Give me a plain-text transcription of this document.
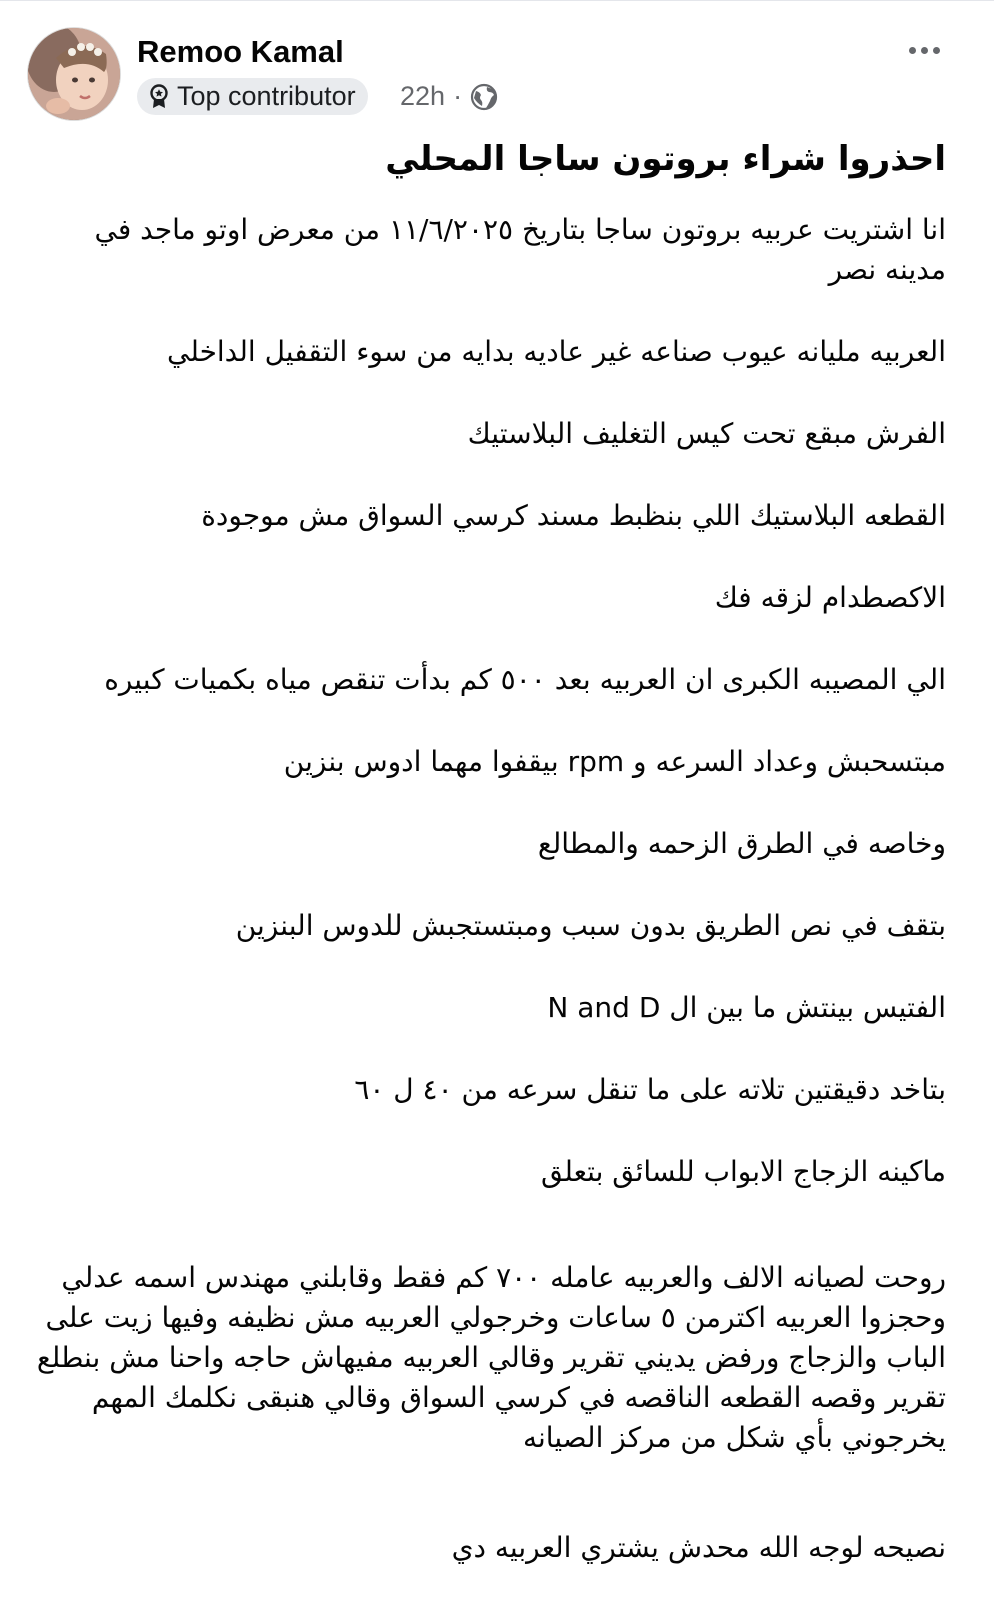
Remoo Kamal
Top contributor 22h ·
احذروا شراء بروتون ساجا المحلي
انا اشتريت عربيه بروتون ساجا بتاريخ ١١/٦/٢٠٢٥ من معرض اوتو ماجد في مدينه نصر
العربيه مليانه عيوب صناعه غير عاديه بدايه من سوء التقفيل الداخلي
الفرش مبقع تحت كيس التغليف البلاستيك
القطعه البلاستيك اللي بنظبط مسند كرسي السواق مش موجودة
الاكصطدام لزقه فك
الي المصيبه الكبرى ان العربيه بعد ٥٠٠ كم بدأت تنقص مياه بكميات كبيره
مبتسحبش وعداد السرعه و rpm بيقفوا مهما ادوس بنزين
وخاصه في الطرق الزحمه والمطالع
بتقف في نص الطريق بدون سبب ومبتستجبش للدوس البنزين
الفتيس بينتش ما بين ال N and D
بتاخد دقيقتين تلاته على ما تنقل سرعه من ٤٠ ل ٦٠
ماكينه الزجاج الابواب للسائق بتعلق
روحت لصيانه الالف والعربيه عامله ٧٠٠ كم فقط وقابلني مهندس اسمه عدلي وحجزوا العربيه اكترمن ٥ ساعات وخرجولي العربيه مش نظيفه وفيها زيت على الباب والزجاج ورفض يديني تقرير وقالي العربيه مفيهاش حاجه واحنا مش بنطلع تقرير وقصه القطعه الناقصه في كرسي السواق وقالي هنبقى نكلمك المهم يخرجوني بأي شكل من مركز الصيانه
نصيحه لوجه الله محدش يشتري العربيه دي
